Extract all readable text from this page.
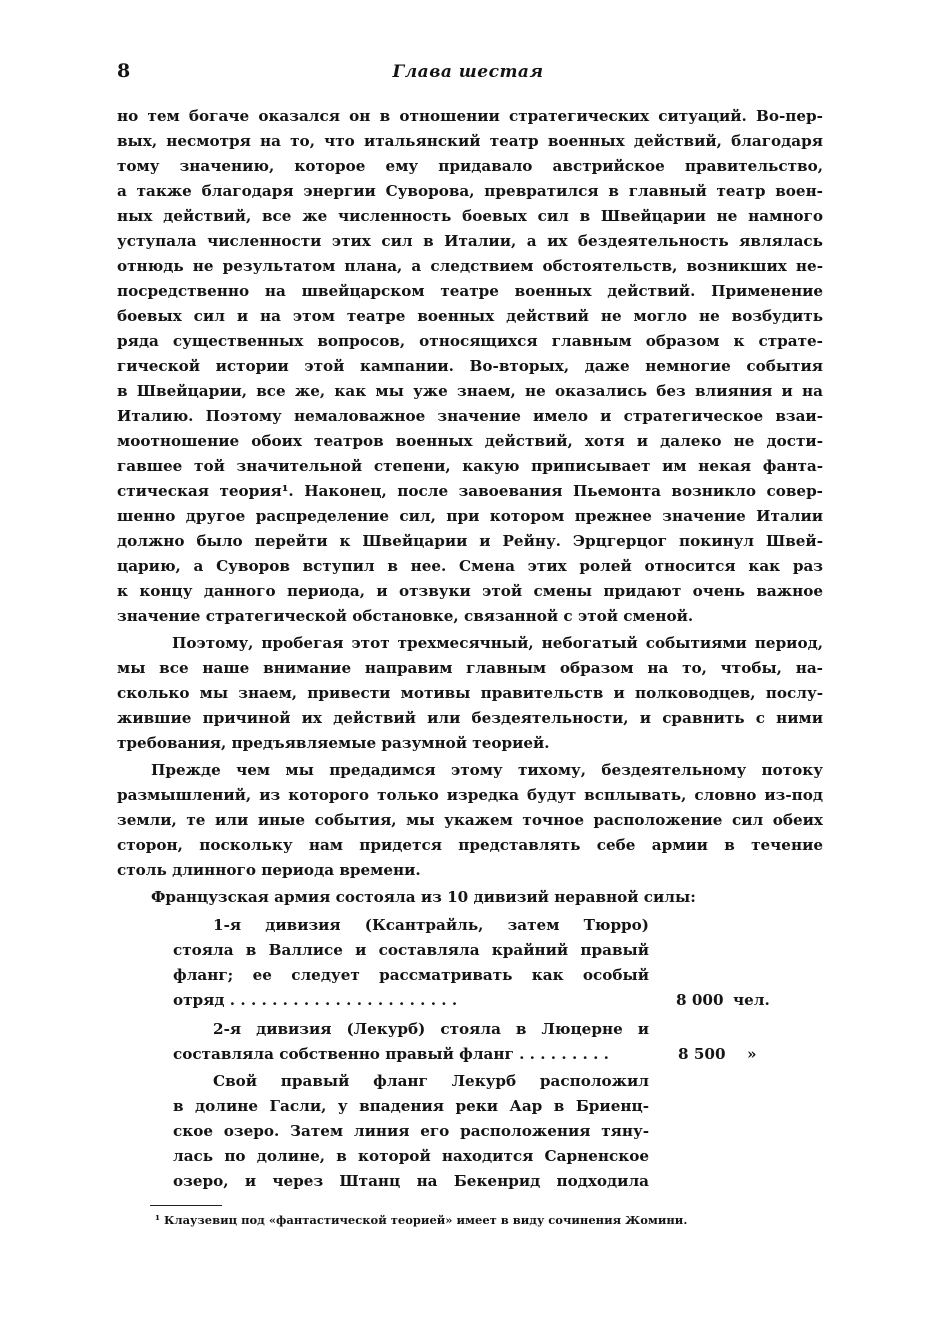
8	Глава шестая
но тем богаче оказался он в отношении стратегических ситуаций. Во-пер-
вых, несмотря на то, что итальянский театр военных действий, благодаря
тому значению, которое ему придавало австрийское правительство,
а также благодаря энергии Суворова, превратился в главный театр воен-
ных действий, все же численность боевых сил в Швейцарии не намного
уступала численности этих сил в Италии, а их бездеятельность являлась
отнюдь не результатом плана, а следствием обстоятельств, возникших не-
посредственно на швейцарском театре военных действий. Применение
боевых сил и на этом театре военных действий не могло не возбудить
ряда существенных вопросов, относящихся главным образом к страте-
гической истории этой кампании. Во-вторых, даже немногие события
в Швейцарии, все же, как мы уже знаем, не оказались без влияния и на
Италию. Поэтому немаловажное значение имело и стратегическое взаи-
моотношение обоих театров военных действий, хотя и далеко не дости-
гавшее той значительной степени, какую приписывает им некая фанта-
стическая теория¹. Наконец, после завоевания Пьемонта возникло совер-
шенно другое распределение сил, при котором прежнее значение Италии
должно было перейти к Швейцарии и Рейну. Эрцгерцог покинул Швей-
царию, а Суворов вступил в нее. Смена этих ролей относится как раз
к концу данного периода, и отзвуки этой смены придают очень важное
значение стратегической обстановке, связанной с этой сменой.
Поэтому, пробегая этот трехмесячный, небогатый событиями период,
мы все наше внимание направим главным образом на то, чтобы, на-
сколько мы знаем, привести мотивы правительств и полководцев, послу-
жившие причиной их действий или бездеятельности, и сравнить с ними
требования, предъявляемые разумной теорией.
Прежде чем мы предадимся этому тихому, бездеятельному потоку
размышлений, из которого только изредка будут всплывать, словно из-под
земли, те или иные события, мы укажем точное расположение сил обеих
сторон, поскольку нам придется представлять себе армии в течение
столь длинного периода времени.
Французская армия состояла из 10 дивизий неравной силы:
1-я дивизия (Ксантрайль, затем Тюрро)
стояла в Валлисе и составляла крайний правый
фланг; ее следует рассматривать как особый
отряд . . . . . . . . . . . . . . . . . . . . . .	8 000 чел.
2-я дивизия (Лекурб) стояла в Люцерне и
составляла собственно правый фланг . . . . . . . . .	8 500 »
Свой правый фланг Лекурб расположил
в долине Гасли, у впадения реки Аар в Бриенц-
ское озеро. Затем линия его расположения тяну-
лась по долине, в которой находится Сарненское
озеро, и через Штанц на Бекенрид подходила
¹ Клаузевиц под «фантастической теорией» имеет в виду сочинения Жомини.
